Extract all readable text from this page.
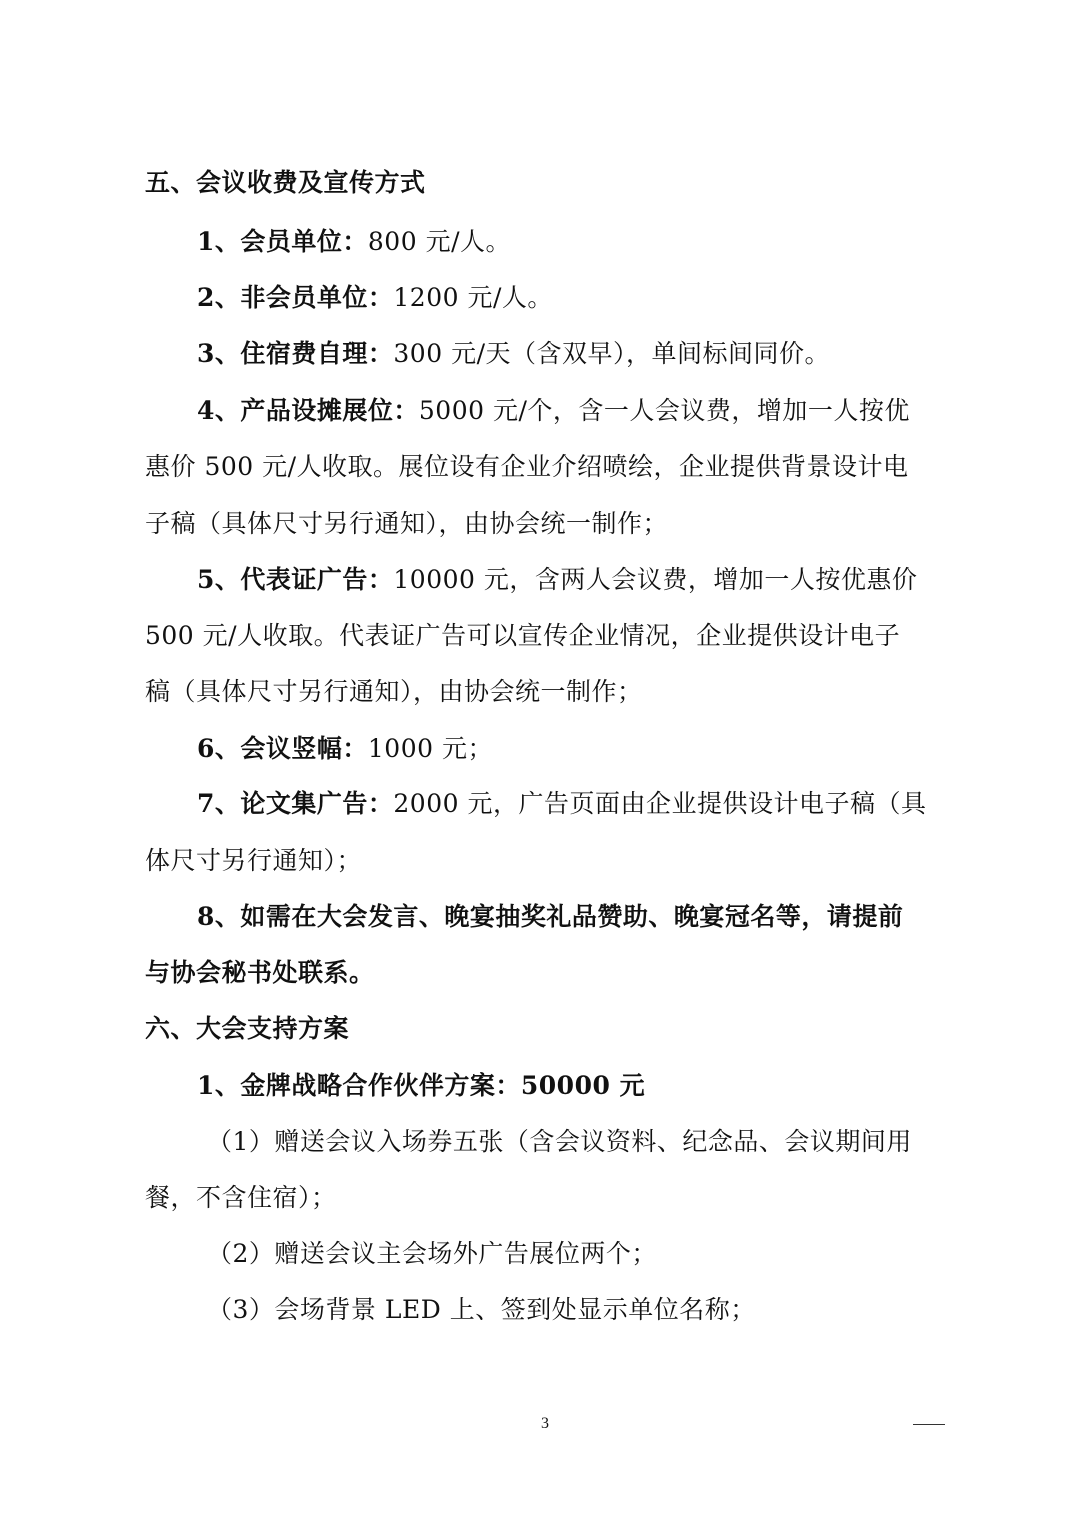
五、会议收费及宣传方式
1、会员单位：800 元/人。
2、非会员单位：1200 元/人。
3、住宿费自理：300 元/天（含双早），单间标间同价。
4、产品设摊展位：5000 元/个，含一人会议费，增加一人按优
惠价 500 元/人收取。展位设有企业介绍喷绘，企业提供背景设计电
子稿（具体尺寸另行通知），由协会统一制作；
5、代表证广告：10000 元，含两人会议费，增加一人按优惠价
500 元/人收取。代表证广告可以宣传企业情况，企业提供设计电子
稿（具体尺寸另行通知），由协会统一制作；
6、会议竖幅：1000 元；
7、论文集广告：2000 元，广告页面由企业提供设计电子稿（具
体尺寸另行通知）；
8、如需在大会发言、晚宴抽奖礼品赞助、晚宴冠名等，请提前
与协会秘书处联系。
六、大会支持方案
1、金牌战略合作伙伴方案：50000 元
（1）赠送会议入场券五张（含会议资料、纪念品、会议期间用
餐，不含住宿）；
（2）赠送会议主会场外广告展位两个；
（3）会场背景 LED 上、签到处显示单位名称；
3
